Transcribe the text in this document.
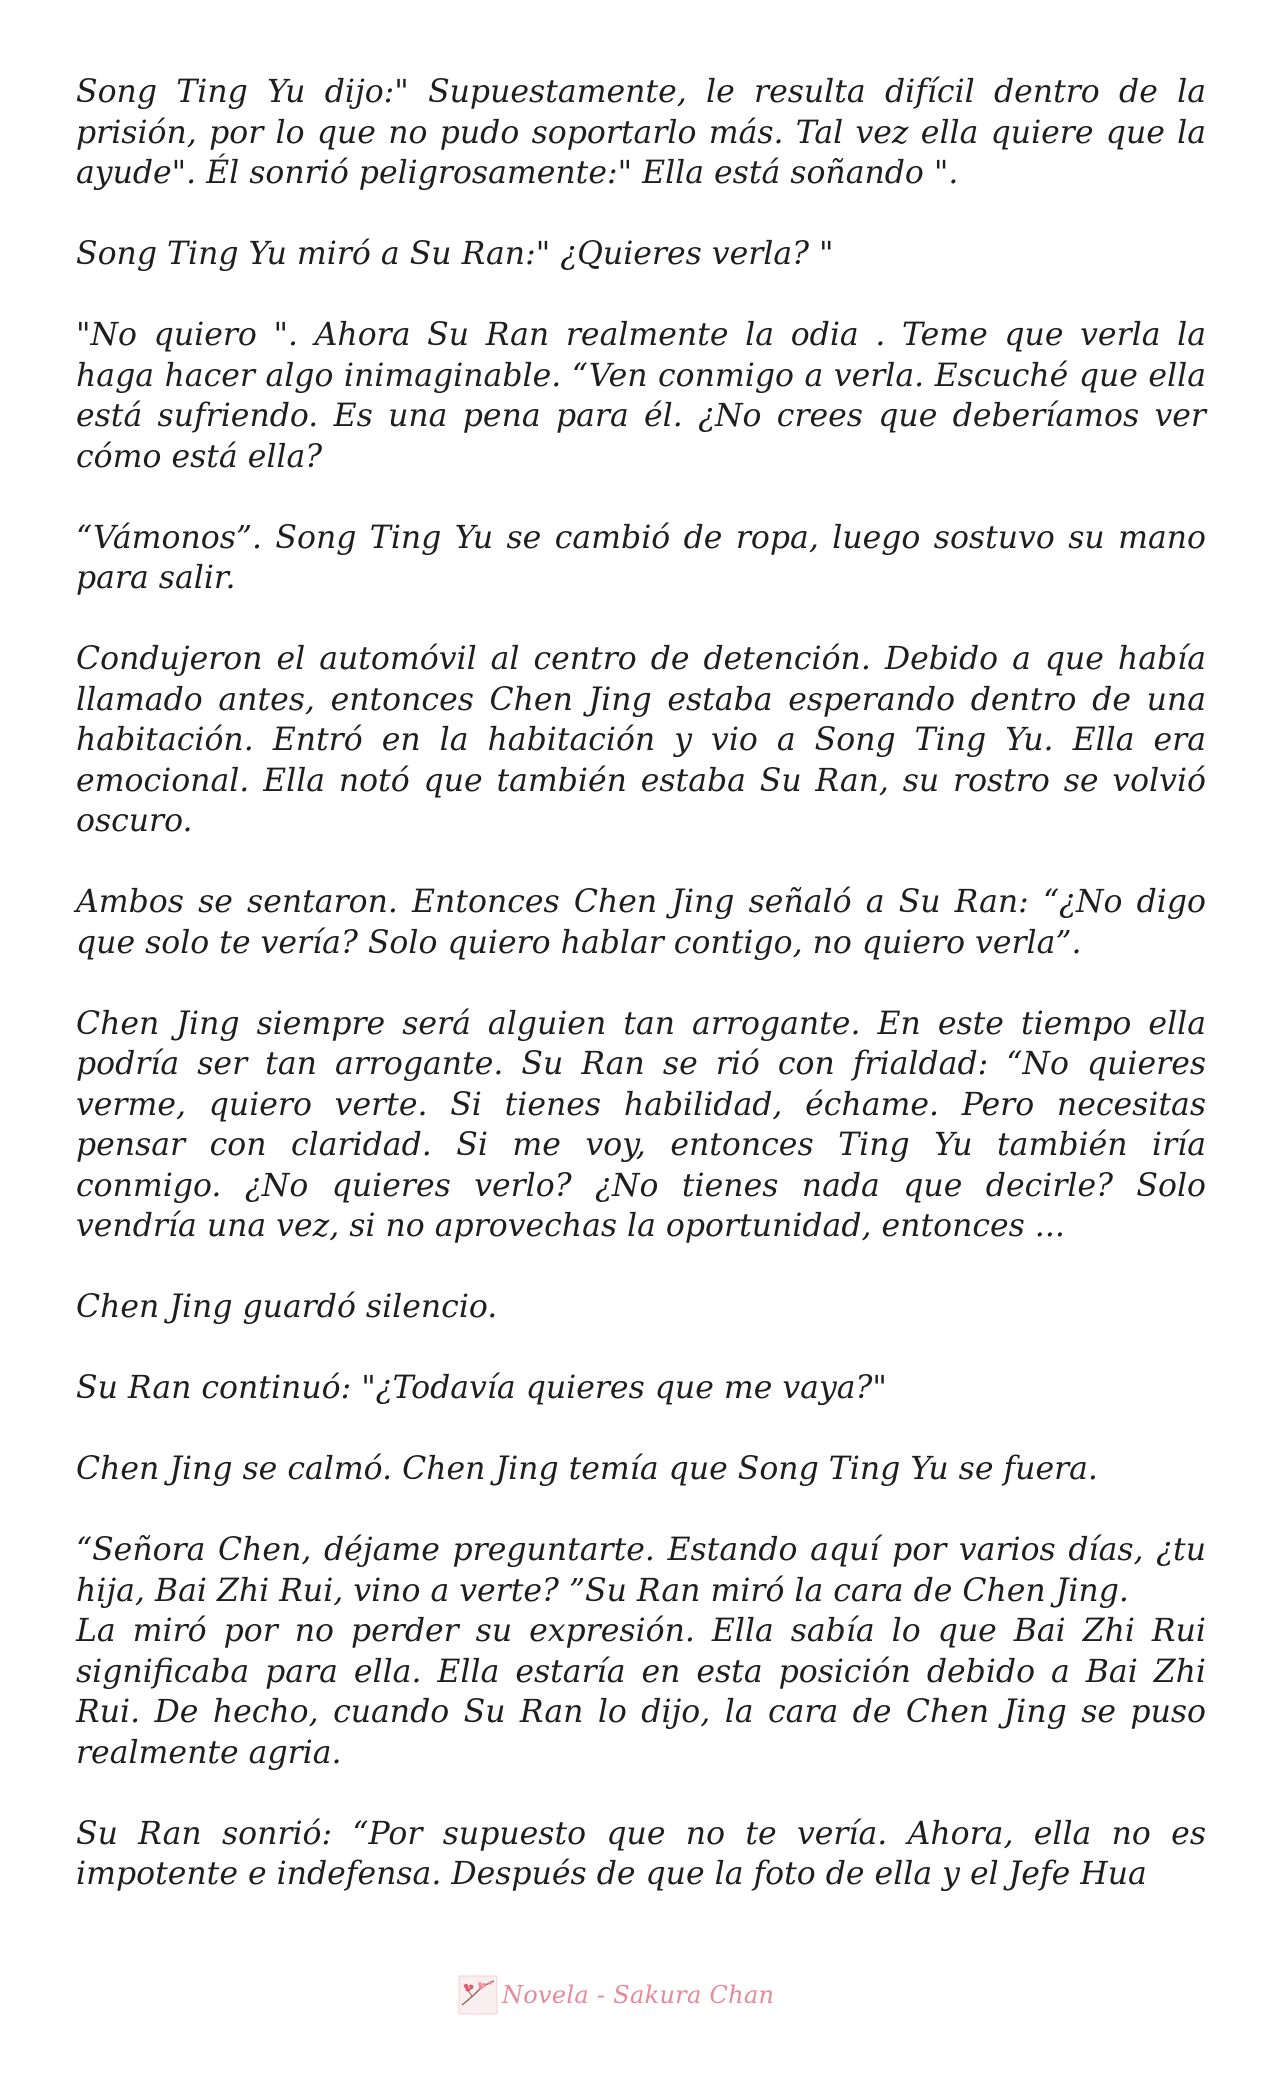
Song Ting Yu dijo:" Supuestamente, le resulta difícil dentro de la prisión, por lo que no pudo soportarlo más. Tal vez ella quiere que la ayude". Él sonrió peligrosamente:" Ella está soñando ".

Song Ting Yu miró a Su Ran:" ¿Quieres verla? "

"No quiero ". Ahora Su Ran realmente la odia . Teme que verla la haga hacer algo inimaginable. “Ven conmigo a verla. Escuché que ella está sufriendo. Es una pena para él. ¿No crees que deberíamos ver cómo está ella?

“Vámonos”. Song Ting Yu se cambió de ropa, luego sostuvo su mano para salir.

Condujeron el automóvil al centro de detención. Debido a que había llamado antes, entonces Chen Jing estaba esperando dentro de una habitación. Entró en la habitación y vio a Song Ting Yu. Ella era emocional. Ella notó que también estaba Su Ran, su rostro se volvió oscuro.

Ambos se sentaron. Entonces Chen Jing señaló a Su Ran: “¿No digo que solo te vería? Solo quiero hablar contigo, no quiero verla”.

Chen Jing siempre será alguien tan arrogante. En este tiempo ella podría ser tan arrogante. Su Ran se rió con frialdad: “No quieres verme, quiero verte. Si tienes habilidad, échame. Pero necesitas pensar con claridad. Si me voy, entonces Ting Yu también iría conmigo. ¿No quieres verlo? ¿No tienes nada que decirle? Solo vendría una vez, si no aprovechas la oportunidad, entonces ...

Chen Jing guardó silencio.

Su Ran continuó: "¿Todavía quieres que me vaya?"

Chen Jing se calmó. Chen Jing temía que Song Ting Yu se fuera.

“Señora Chen, déjame preguntarte. Estando aquí por varios días, ¿tu hija, Bai Zhi Rui, vino a verte? ”Su Ran miró la cara de Chen Jing.

La miró por no perder su expresión. Ella sabía lo que Bai Zhi Rui significaba para ella. Ella estaría en esta posición debido a Bai Zhi Rui. De hecho, cuando Su Ran lo dijo, la cara de Chen Jing se puso realmente agria.

Su Ran sonrió: “Por supuesto que no te vería. Ahora, ella no es impotente e indefensa. Después de que la foto de ella y el Jefe Hua

Novela - Sakura Chan
